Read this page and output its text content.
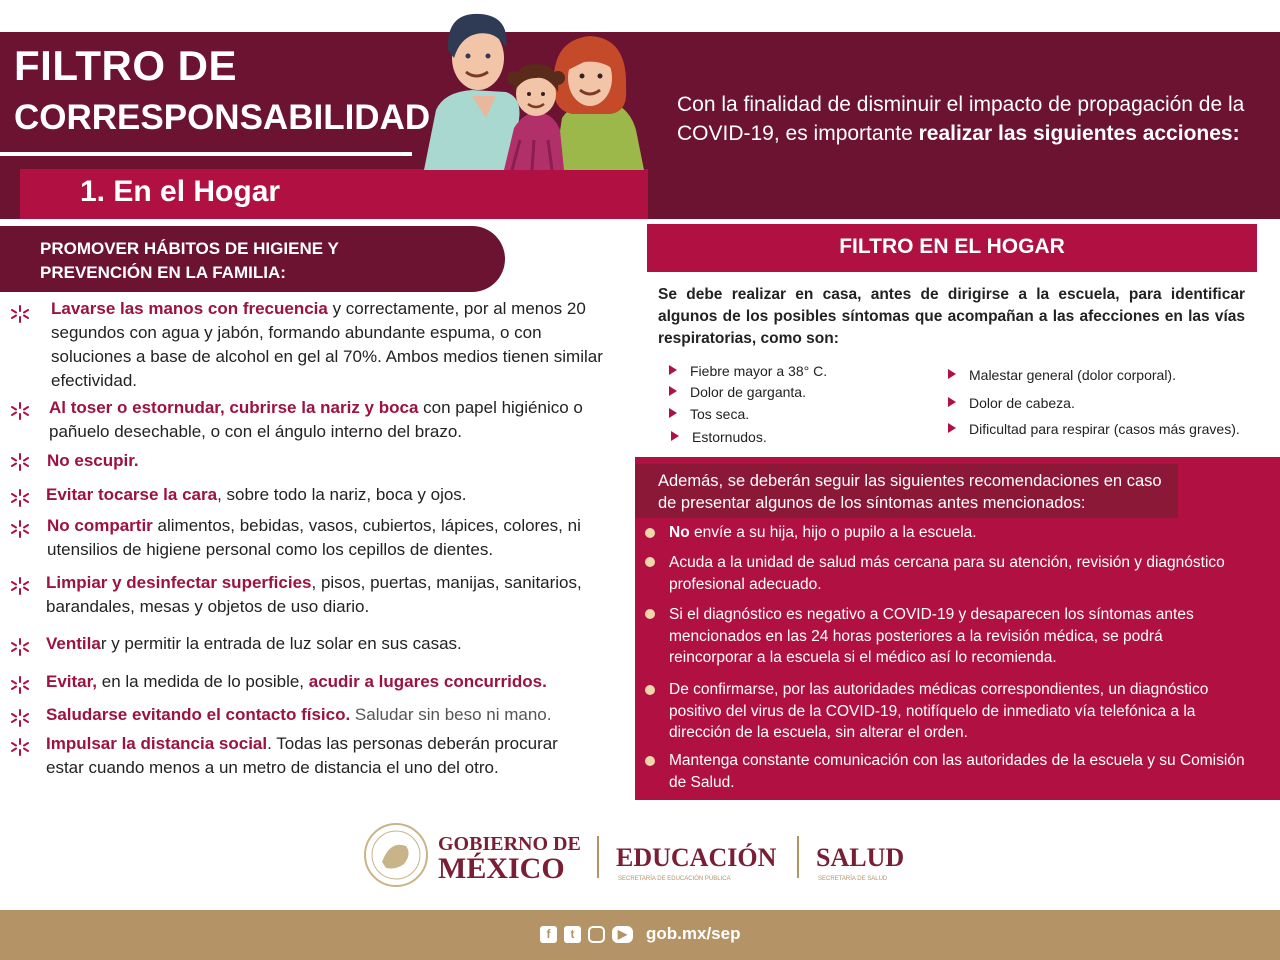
FILTRO DE
CORRESPONSABILIDAD
1. En el Hogar
Con la finalidad de disminuir el impacto de propagación de la COVID-19, es importante realizar las siguientes acciones:
PROMOVER HÁBITOS DE HIGIENE Y
PREVENCIÓN EN LA FAMILIA:
Lavarse las manos con frecuencia y correctamente, por al menos 20 segundos con agua y jabón, formando abundante espuma, o con soluciones a base de alcohol en gel al 70%. Ambos medios tienen similar efectividad.
Al toser o estornudar, cubrirse la nariz y boca con papel higiénico o pañuelo desechable, o con el ángulo interno del brazo.
No escupir.
Evitar tocarse la cara, sobre todo la nariz, boca y ojos.
No compartir alimentos, bebidas, vasos, cubiertos, lápices, colores, ni utensilios de higiene personal como los cepillos de dientes.
Limpiar y desinfectar superficies, pisos, puertas, manijas, sanitarios, barandales, mesas y objetos de uso diario.
Ventilar y permitir la entrada de luz solar en sus casas.
Evitar, en la medida de lo posible, acudir a lugares concurridos.
Saludarse evitando el contacto físico. Saludar sin beso ni mano.
Impulsar la distancia social. Todas las personas deberán procurar estar cuando menos a un metro de distancia el uno del otro.
FILTRO EN EL HOGAR
Se debe realizar en casa, antes de dirigirse a la escuela, para identificar algunos de los posibles síntomas que acompañan a las afecciones en las vías respiratorias, como son:
Fiebre mayor a 38° C.
Dolor de garganta.
Tos seca.
Estornudos.
Malestar general (dolor corporal).
Dolor de cabeza.
Dificultad para respirar (casos más graves).
Además, se deberán seguir las siguientes recomendaciones en caso de presentar algunos de los síntomas antes mencionados:
No envíe a su hija, hijo o pupilo a la escuela.
Acuda a la unidad de salud más cercana para su atención, revisión y diagnóstico profesional adecuado.
Si el diagnóstico es negativo a COVID-19 y desaparecen los síntomas antes mencionados en las 24 horas posteriores a la revisión médica, se podrá reincorporar a la escuela si el médico así lo recomienda.
De confirmarse, por las autoridades médicas correspondientes, un diagnóstico positivo del virus de la COVID-19, notifíquelo de inmediato vía telefónica a la dirección de la escuela, sin alterar el orden.
Mantenga constante comunicación con las autoridades de la escuela y su Comisión de Salud.
GOBIERNO DE
MÉXICO EDUCACIÓN
SECRETARÍA DE EDUCACIÓN PÚBLICA
SALUD
SECRETARÍA DE SALUD
f	t	▶	gob.mx/sep
